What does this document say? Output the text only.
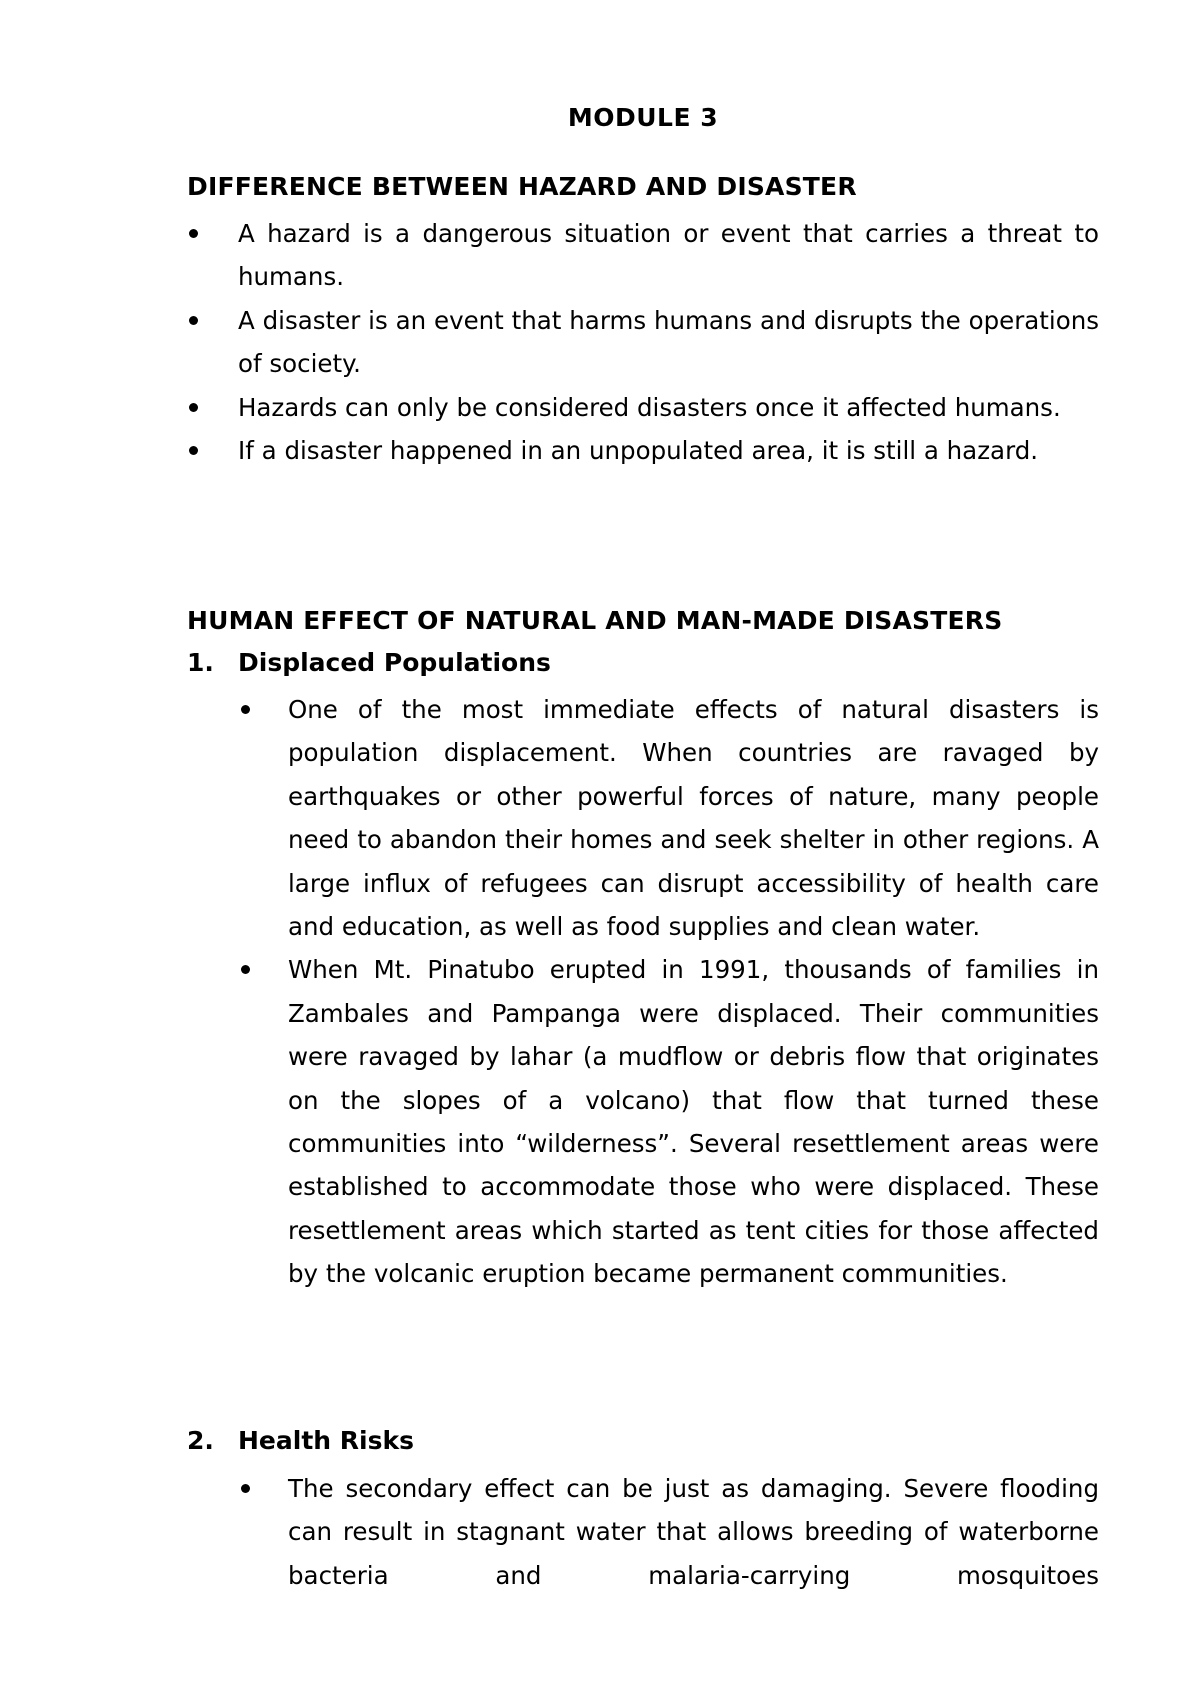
MODULE 3
DIFFERENCE BETWEEN HAZARD AND DISASTER
A hazard is a dangerous situation or event that carries a threat to humans.
A disaster is an event that harms humans and disrupts the operations of society.
Hazards can only be considered disasters once it affected humans.
If a disaster happened in an unpopulated area, it is still a hazard.
HUMAN EFFECT OF NATURAL AND MAN-MADE DISASTERS
1. Displaced Populations
One of the most immediate effects of natural disasters is population displacement. When countries are ravaged by earthquakes or other powerful forces of nature, many people need to abandon their homes and seek shelter in other regions. A large influx of refugees can disrupt accessibility of health care and education, as well as food supplies and clean water.
When Mt. Pinatubo erupted in 1991, thousands of families in Zambales and Pampanga were displaced. Their communities were ravaged by lahar (a mudflow or debris flow that originates on the slopes of a volcano) that flow that turned these communities into “wilderness”. Several resettlement areas were established to accommodate those who were displaced. These resettlement areas which started as tent cities for those affected by the volcanic eruption became permanent communities.
2. Health Risks
The secondary effect can be just as damaging. Severe flooding can result in stagnant water that allows breeding of waterborne bacteria and malaria-carrying mosquitoes
